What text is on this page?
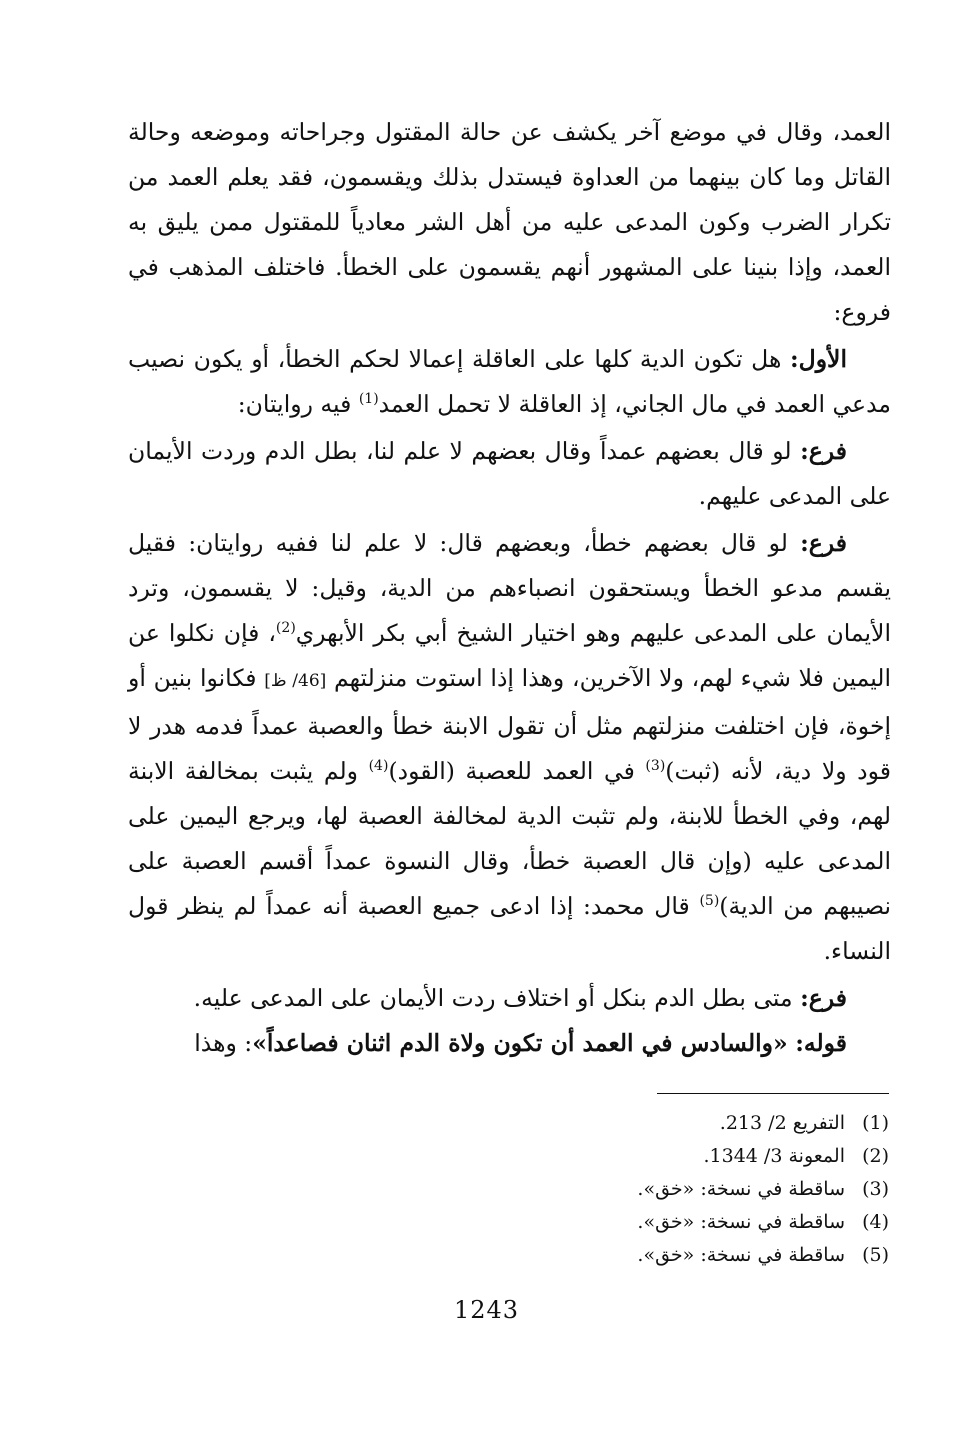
العمد، وقال في موضع آخر يكشف عن حالة المقتول وجراحاته وموضعه وحالة القاتل وما كان بينهما من العداوة فيستدل بذلك ويقسمون، فقد يعلم العمد من تكرار الضرب وكون المدعى عليه من أهل الشر معادياً للمقتول ممن يليق به العمد، وإذا بنينا على المشهور أنهم يقسمون على الخطأ. فاختلف المذهب في فروع:

الأول: هل تكون الدية كلها على العاقلة إعمالا لحكم الخطأ، أو يكون نصيب مدعي العمد في مال الجاني، إذ العاقلة لا تحمل العمد$^{(1)}$ فيه روايتان:

فرع: لو قال بعضهم عمداً وقال بعضهم لا علم لنا، بطل الدم وردت الأيمان على المدعى عليهم.

فرع: لو قال بعضهم خطأ، وبعضهم قال: لا علم لنا ففيه روايتان: فقيل يقسم مدعو الخطأ ويستحقون انصباءهم من الدية، وقيل: لا يقسمون، وترد الأيمان على المدعى عليهم وهو اختيار الشيخ أبي بكر الأبهري$^{(2)}$، فإن نكلوا عن اليمين فلا شيء لهم، ولا الآخرين، وهذا إذا استوت منزلتهم [46/ ظ] فكانوا بنين أو إخوة، فإن اختلفت منزلتهم مثل أن تقول الابنة خطأ والعصبة عمداً فدمه هدر لا قود ولا دية، لأنه (ثبت)$^{(3)}$ في العمد للعصبة (القود)$^{(4)}$ ولم يثبت بمخالفة الابنة لهم، وفي الخطأ للابنة، ولم تثبت الدية لمخالفة العصبة لها، ويرجع اليمين على المدعى عليه (وإن قال العصبة خطأ، وقال النسوة عمداً أقسم العصبة على نصيبهم من الدية)$^{(5)}$ قال محمد: إذا ادعى جميع العصبة أنه عمداً لم ينظر قول النساء.

فرع: متى بطل الدم بنكل أو اختلاف ردت الأيمان على المدعى عليه.

قوله: «والسادس في العمد أن تكون ولاة الدم اثنان فصاعداً»: وهذا

(1)
التفريع 2/ 213.
(2)
المعونة 3/ 1344.
(3)
ساقطة في نسخة: «خق».
(4)
ساقطة في نسخة: «خق».
(5)
ساقطة في نسخة: «خق».
1243
